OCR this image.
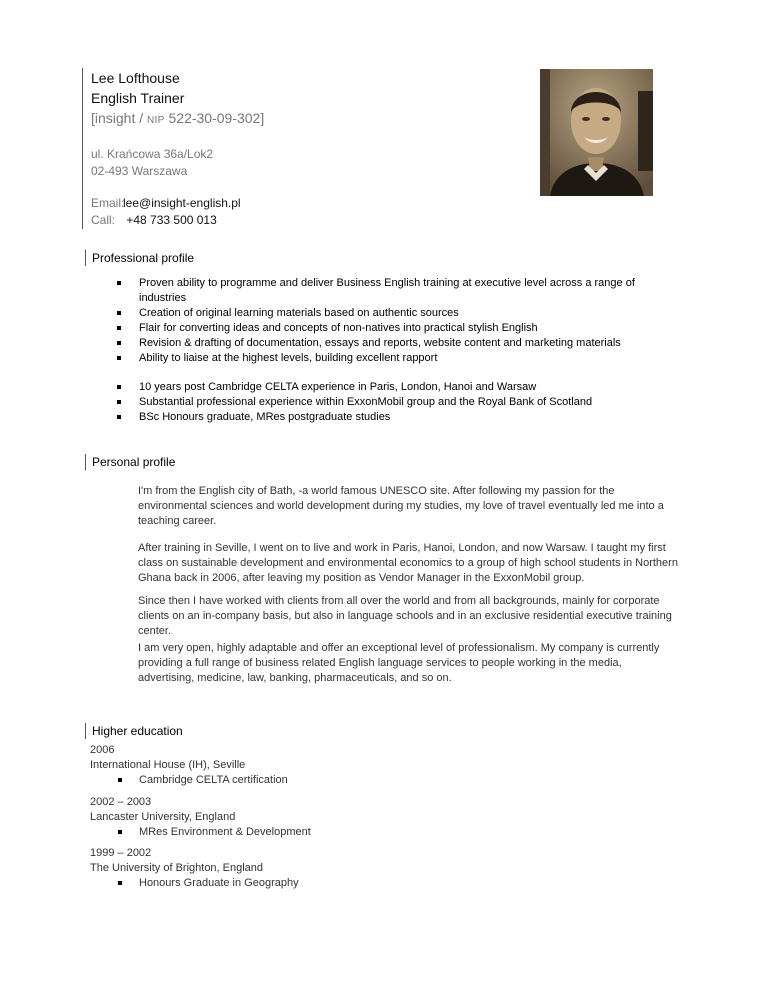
Lee Lofthouse
English Trainer
[insight / NIP 522-30-09-302]
ul. Krańcowa 36a/Lok2
02-493 Warszawa
Email:lee@insight-english.pl
Call: +48 733 500 013
Professional profile
Proven ability to programme and deliver Business English training at executive level across a range of industries
Creation of original learning materials based on authentic sources
Flair for converting ideas and concepts of non-natives into practical stylish English
Revision & drafting of documentation, essays and reports, website content and marketing materials
Ability to liaise at the highest levels, building excellent rapport
10 years post Cambridge CELTA experience in Paris, London, Hanoi and Warsaw
Substantial professional experience within ExxonMobil group and the Royal Bank of Scotland
BSc Honours graduate, MRes postgraduate studies
Personal profile

I'm from the English city of Bath, -a world famous UNESCO site. After following my passion for the environmental sciences and world development during my studies, my love of travel eventually led me into a teaching career.

After training in Seville, I went on to live and work in Paris, Hanoi, London, and now Warsaw. I taught my first class on sustainable development and environmental economics to a group of high school students in Northern Ghana back in 2006, after leaving my position as Vendor Manager in the ExxonMobil group.

Since then I have worked with clients from all over the world and from all backgrounds, mainly for corporate clients on an in-company basis, but also in language schools and in an exclusive residential executive training center.

I am very open, highly adaptable and offer an exceptional level of professionalism. My company is currently providing a full range of business related English language services to people working in the media, advertising, medicine, law, banking, pharmaceuticals, and so on.

Higher education
2006
International House (IH), Seville
Cambridge CELTA certification
2002 – 2003
Lancaster University, England
MRes Environment & Development
1999 – 2002
The University of Brighton, England
Honours Graduate in Geography
